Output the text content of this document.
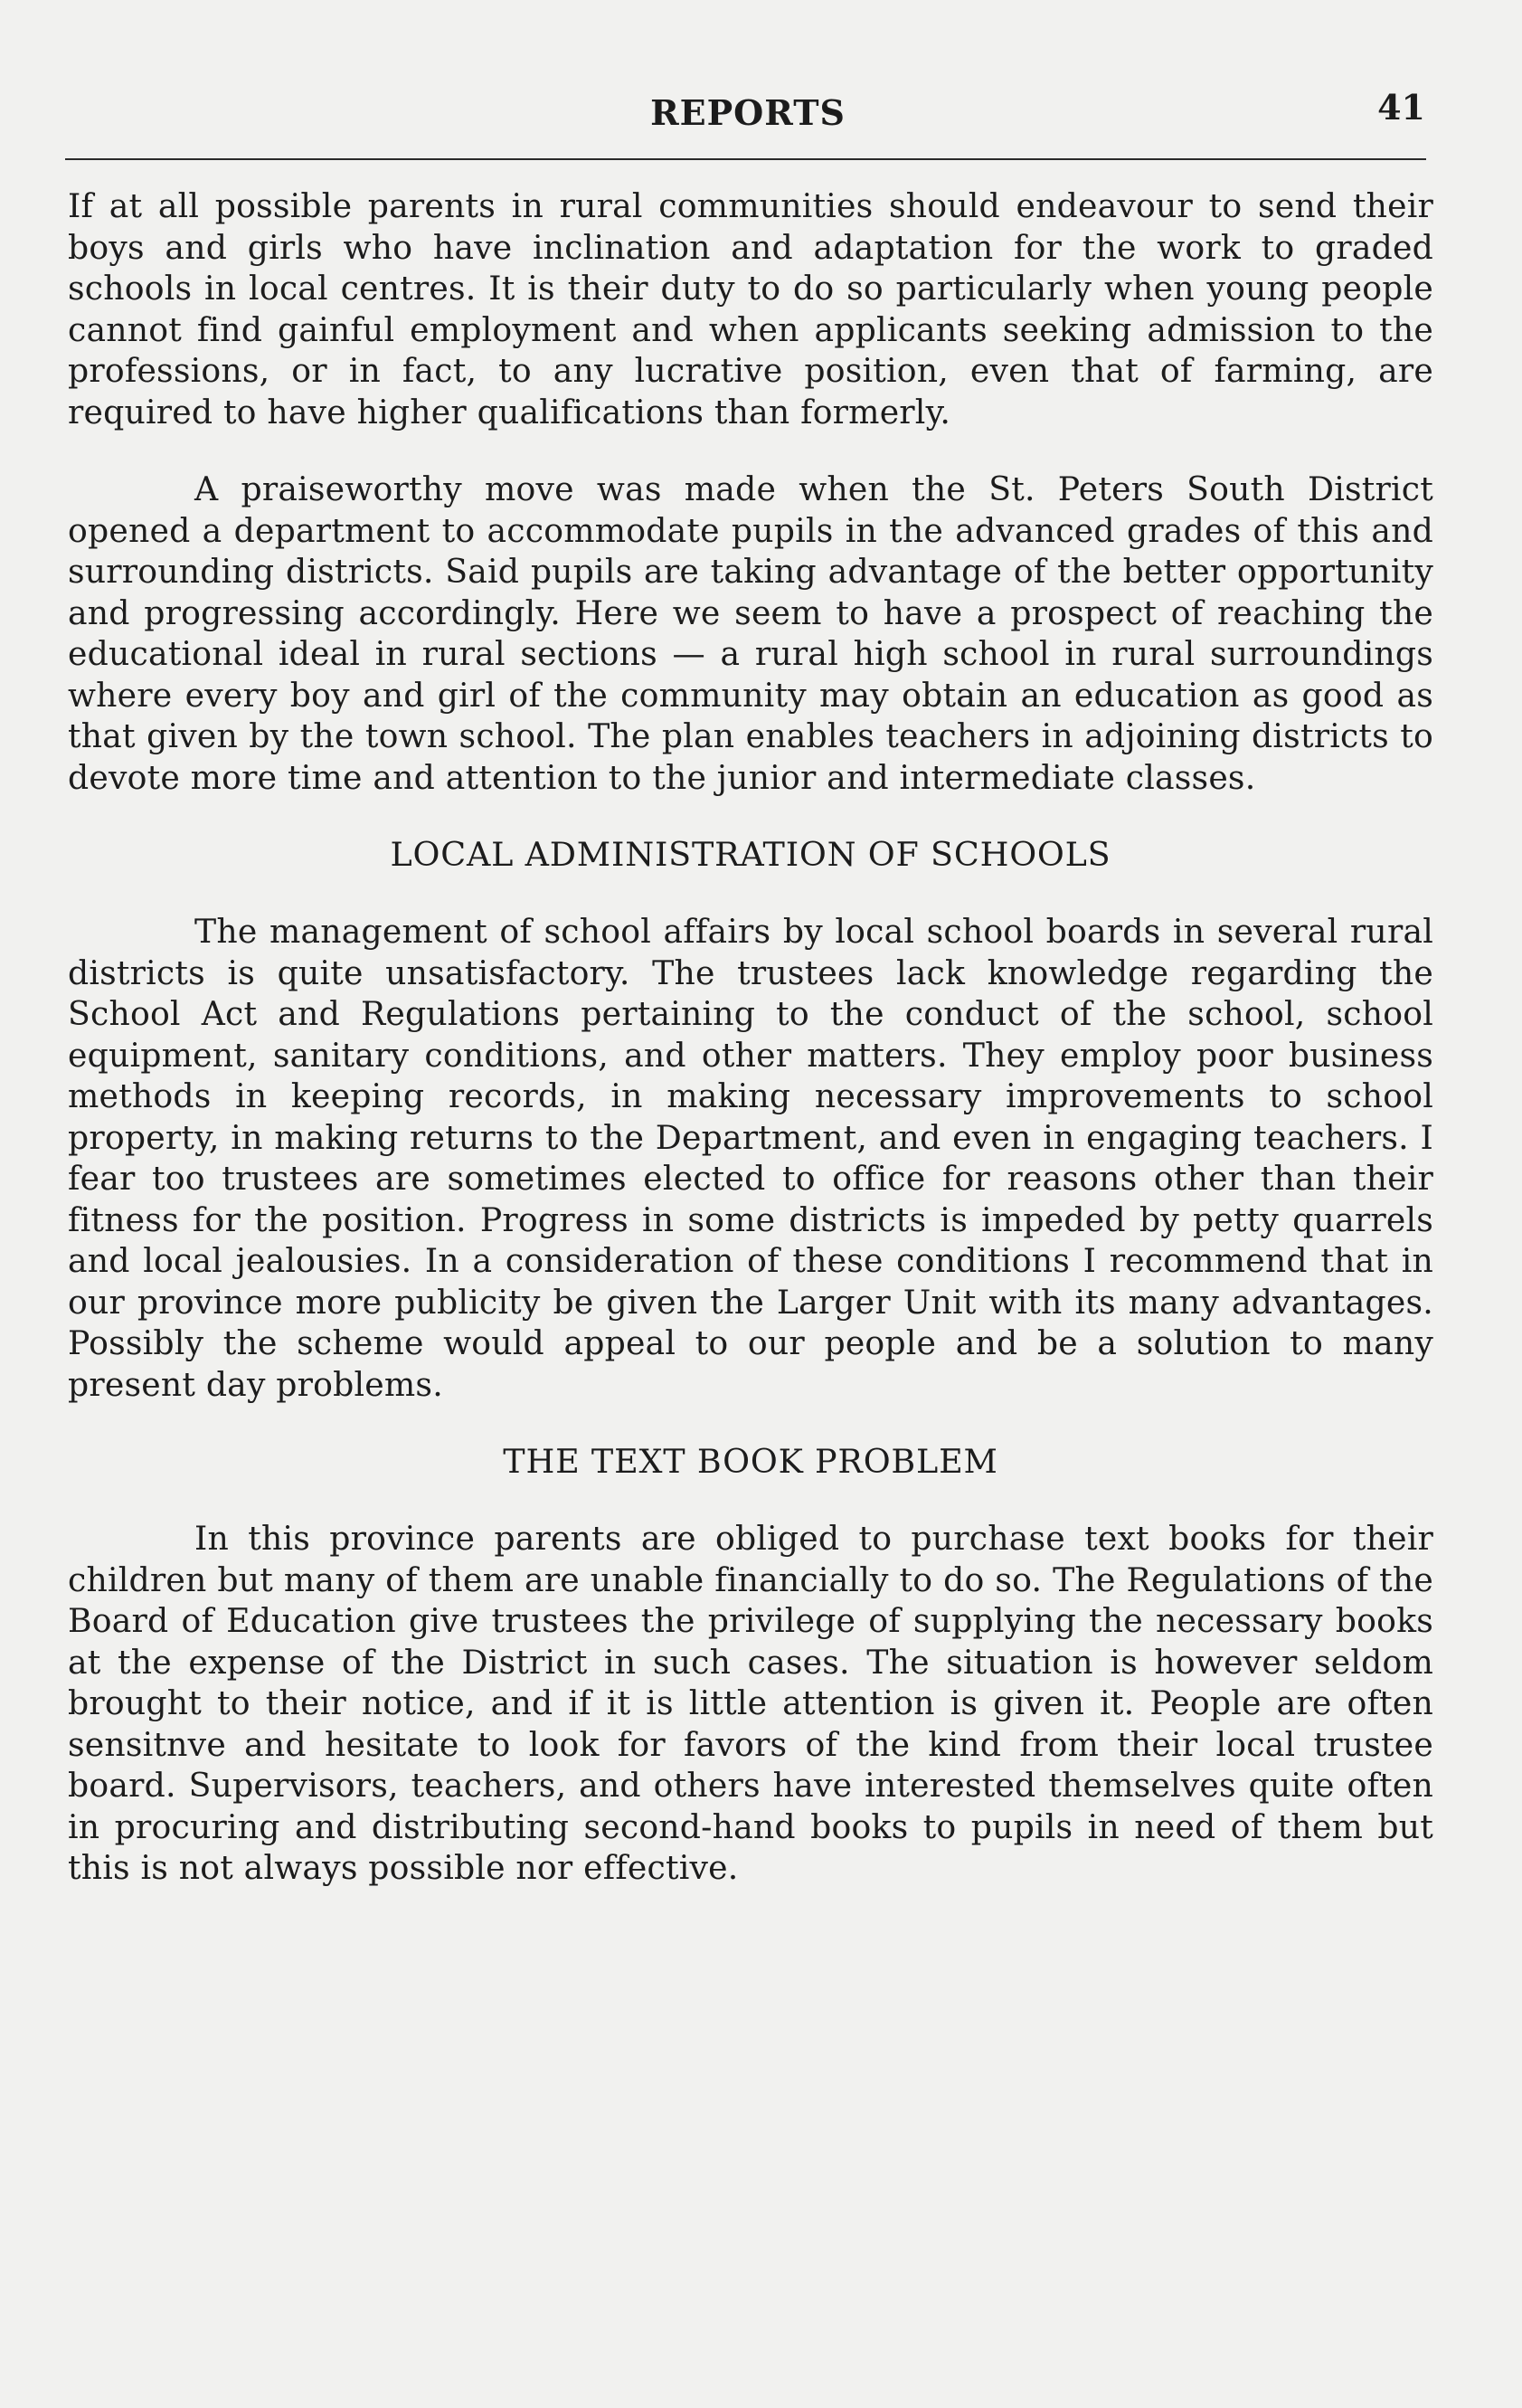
REPORTS	41

If at all possible parents in rural communities should endeavour to send their boys and girls who have inclination and adaptation for the work to graded schools in local centres. It is their duty to do so particularly when young people cannot find gainful employment and when applicants seeking admission to the professions, or in fact, to any lucrative position, even that of farming, are required to have higher qualifications than formerly.

A praiseworthy move was made when the St. Peters South District opened a department to accommodate pupils in the advanced grades of this and surrounding districts. Said pupils are taking advantage of the better opportunity and progressing accordingly. Here we seem to have a prospect of reaching the educational ideal in rural sections — a rural high school in rural surroundings where every boy and girl of the community may obtain an education as good as that given by the town school. The plan enables teachers in adjoining districts to devote more time and attention to the junior and intermediate classes.

LOCAL ADMINISTRATION OF SCHOOLS

The management of school affairs by local school boards in several rural districts is quite unsatisfactory. The trustees lack knowledge regarding the School Act and Regulations pertaining to the conduct of the school, school equipment, sanitary conditions, and other matters. They employ poor business methods in keeping records, in making necessary improvements to school property, in making returns to the Department, and even in engaging teachers. I fear too trustees are sometimes elected to office for reasons other than their fitness for the position. Progress in some districts is impeded by petty quarrels and local jealousies. In a consideration of these conditions I recommend that in our province more publicity be given the Larger Unit with its many advantages. Possibly the scheme would appeal to our people and be a solution to many present day problems.

THE TEXT BOOK PROBLEM

In this province parents are obliged to purchase text books for their children but many of them are unable financially to do so. The Regulations of the Board of Education give trustees the privilege of supplying the necessary books at the expense of the District in such cases. The situation is however seldom brought to their notice, and if it is little attention is given it. People are often sensitnve and hesitate to look for favors of the kind from their local trustee board. Supervisors, teachers, and others have interested themselves quite often in procuring and distributing second-hand books to pupils in need of them but this is not always possible nor effective.
